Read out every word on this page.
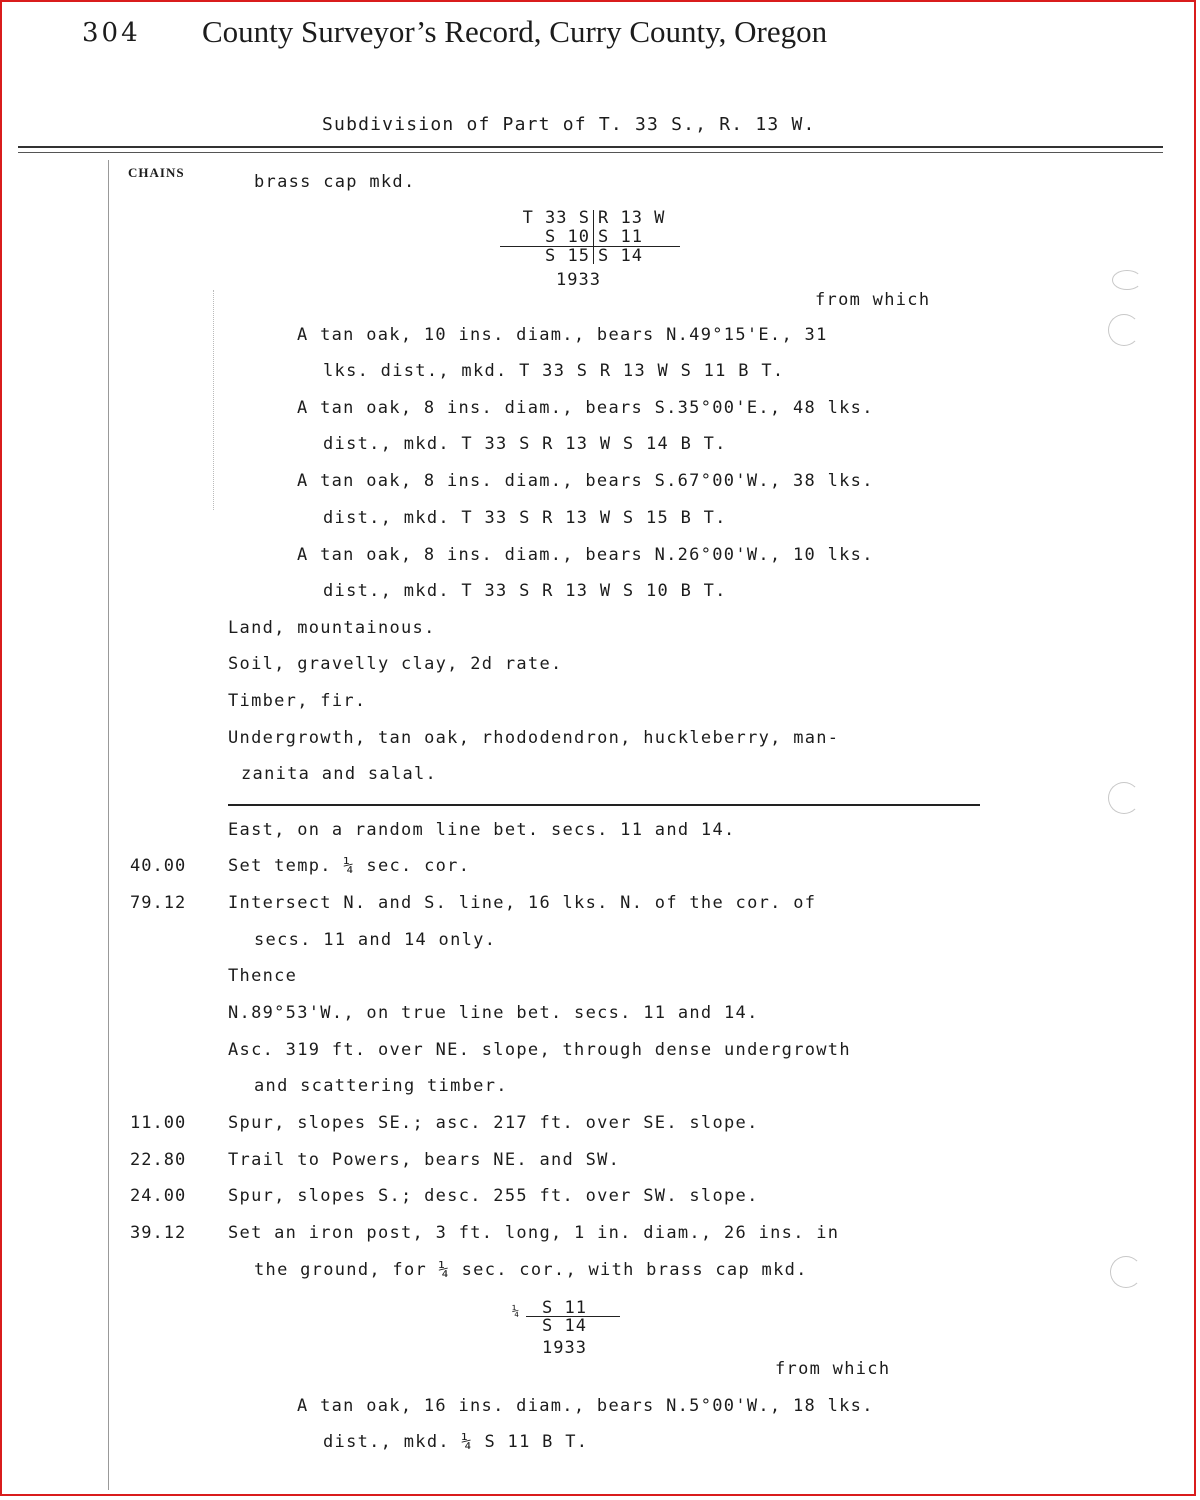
304 County Surveyor’s Record, Curry County, Oregon
Subdivision of Part of T. 33 S., R. 13 W.
CHAINS	brass cap mkd.
T 33 S R 13 W
S 10 S 11
S 15 S 14
1933
from which
A tan oak, 10 ins. diam., bears N.49°15'E., 31
lks. dist., mkd. T 33 S R 13 W S 11 B T.
A tan oak, 8 ins. diam., bears S.35°00'E., 48 lks.
dist., mkd. T 33 S R 13 W S 14 B T.
A tan oak, 8 ins. diam., bears S.67°00'W., 38 lks.
dist., mkd. T 33 S R 13 W S 15 B T.
A tan oak, 8 ins. diam., bears N.26°00'W., 10 lks.
dist., mkd. T 33 S R 13 W S 10 B T.
Land, mountainous.
Soil, gravelly clay, 2d rate.
Timber, fir.
Undergrowth, tan oak, rhododendron, huckleberry, man-
zanita and salal.
East, on a random line bet. secs. 11 and 14.
40.00 Set temp. ¼ sec. cor.
79.12 Intersect N. and S. line, 16 lks. N. of the cor. of
secs. 11 and 14 only.
Thence
N.89°53'W., on true line bet. secs. 11 and 14.
Asc. 319 ft. over NE. slope, through dense undergrowth
and scattering timber.
11.00 Spur, slopes SE.; asc. 217 ft. over SE. slope.
22.80 Trail to Powers, bears NE. and SW.
24.00 Spur, slopes S.; desc. 255 ft. over SW. slope.
39.12 Set an iron post, 3 ft. long, 1 in. diam., 26 ins. in
the ground, for ¼ sec. cor., with brass cap mkd.
¼ S 11
S 14
1933
from which
A tan oak, 16 ins. diam., bears N.5°00'W., 18 lks.
dist., mkd. ¼ S 11 B T.
